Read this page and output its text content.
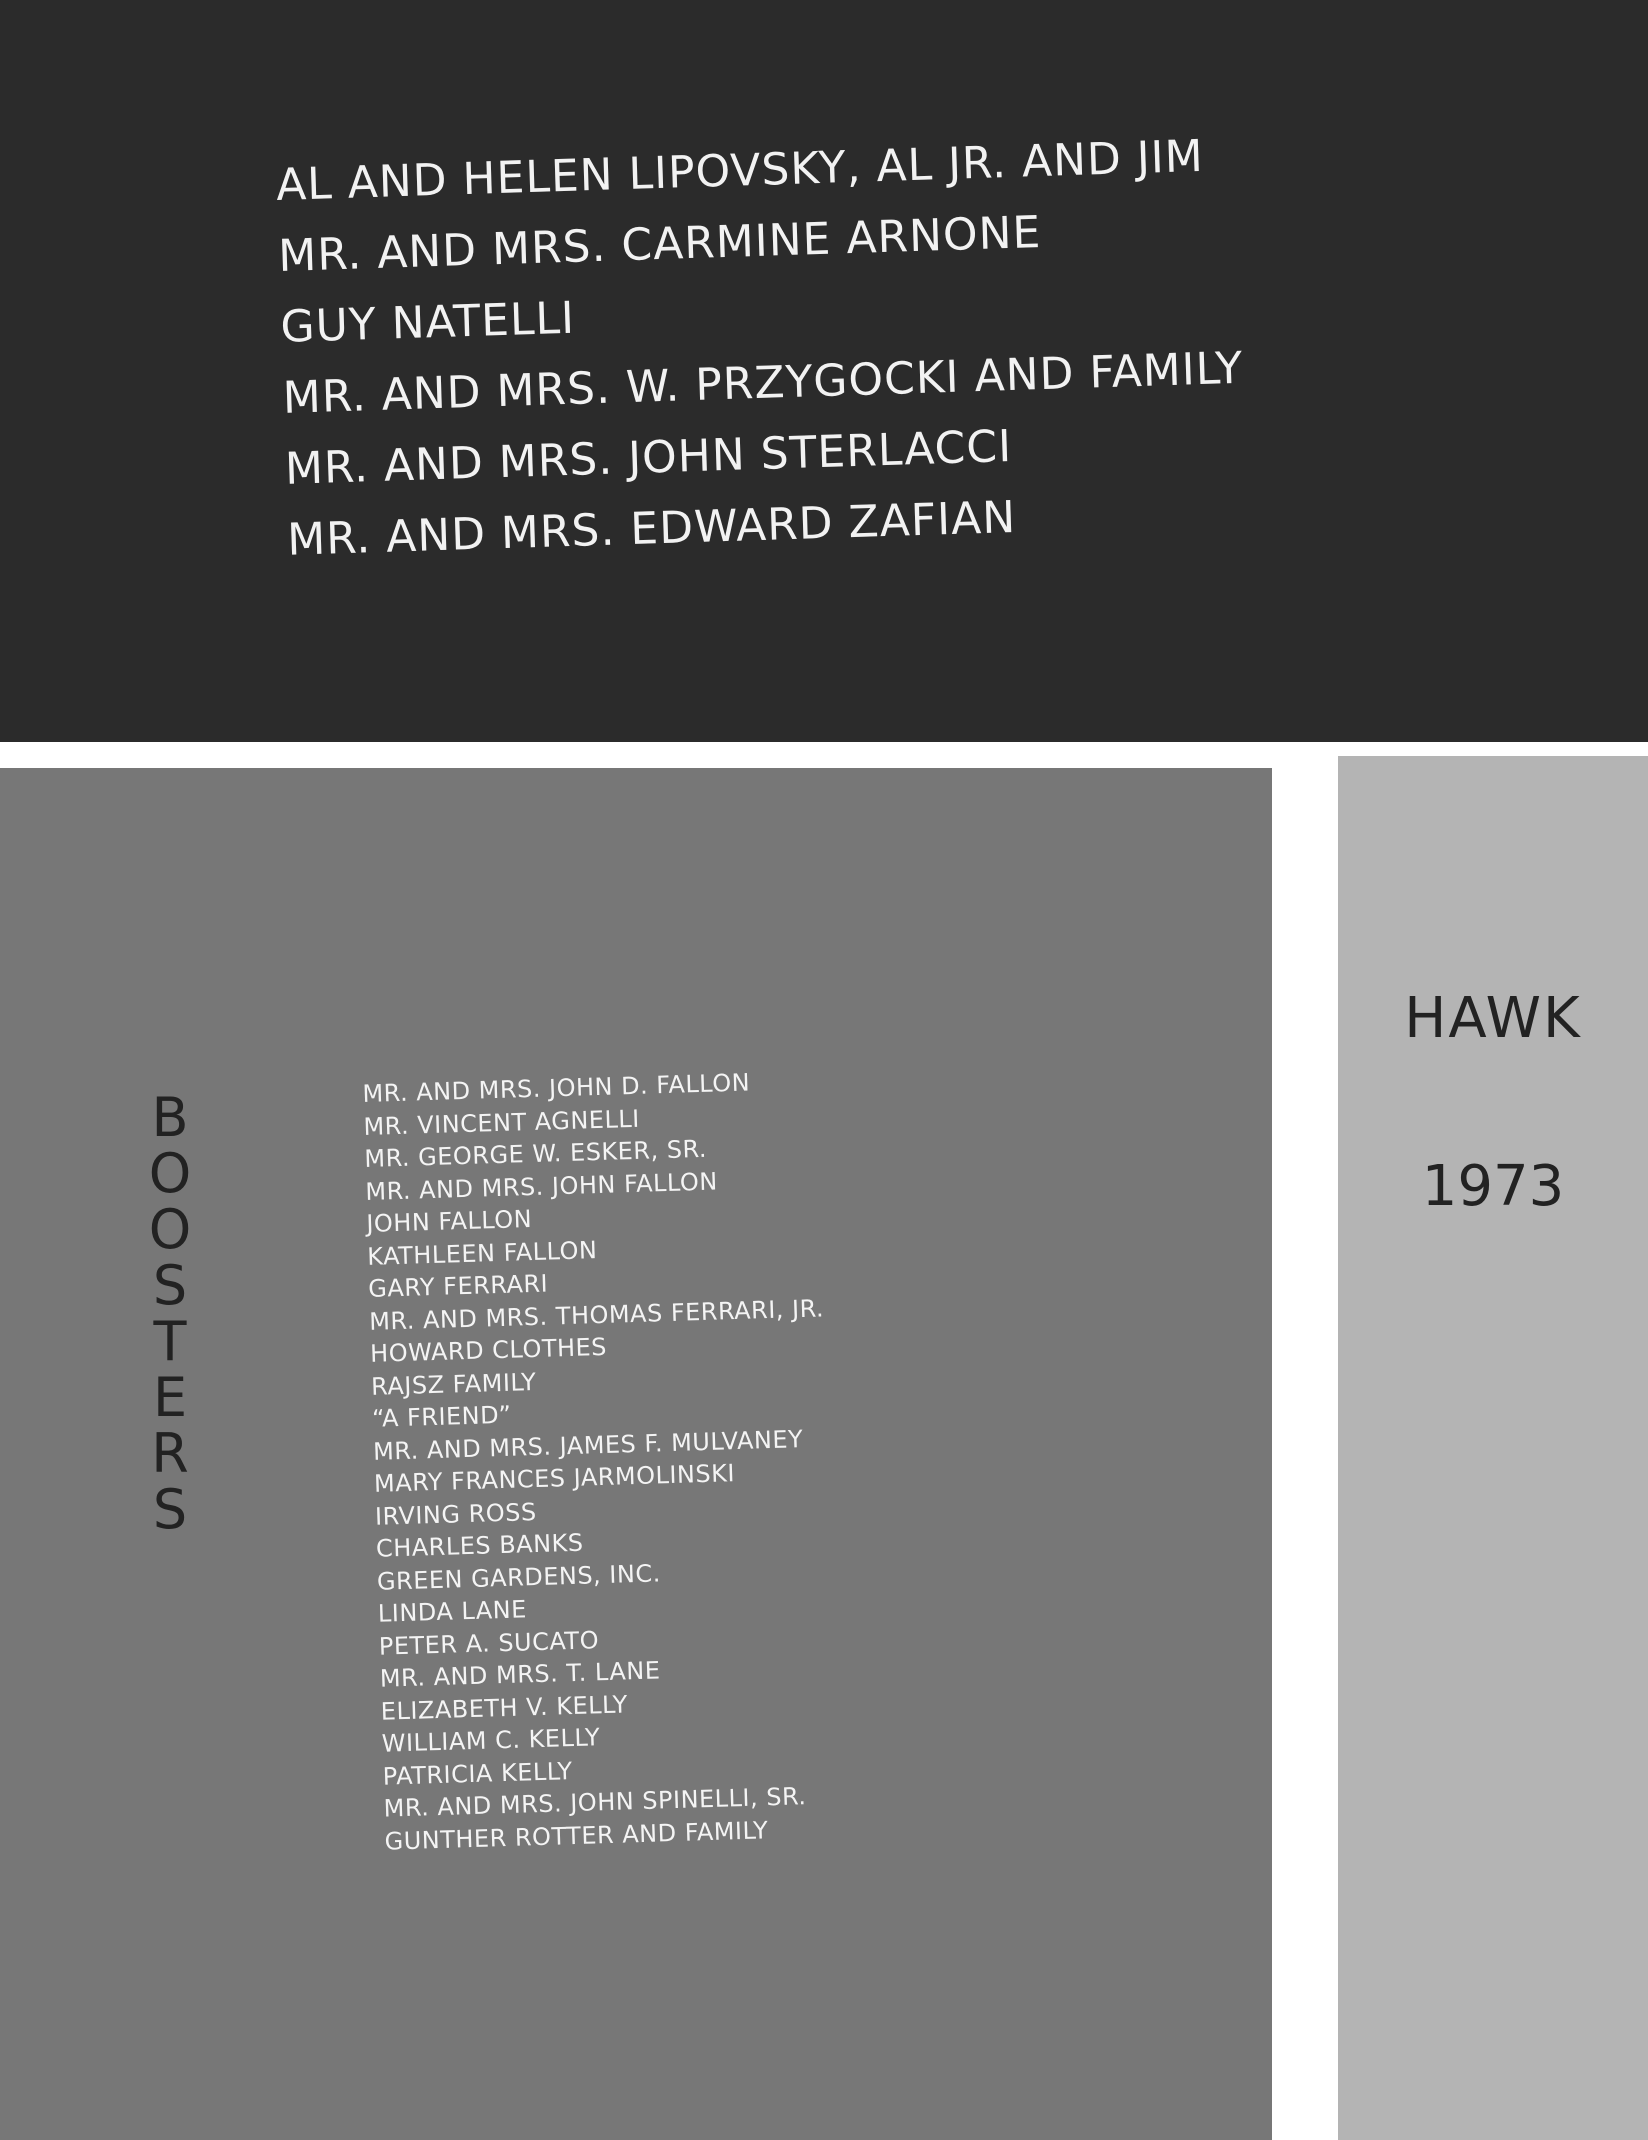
AL AND HELEN LIPOVSKY, AL JR. AND JIM
MR. AND MRS. CARMINE ARNONE
GUY NATELLI
MR. AND MRS. W. PRZYGOCKI AND FAMILY
MR. AND MRS. JOHN STERLACCI
MR. AND MRS. EDWARD ZAFIAN
MR. AND MRS. JOHN D. FALLON
MR. VINCENT AGNELLI
MR. GEORGE W. ESKER, SR.
MR. AND MRS. JOHN FALLON
JOHN FALLON
KATHLEEN FALLON
GARY FERRARI
MR. AND MRS. THOMAS FERRARI, JR.
HOWARD CLOTHES
RAJSZ FAMILY
“A FRIEND”
MR. AND MRS. JAMES F. MULVANEY
MARY FRANCES JARMOLINSKI
IRVING ROSS
CHARLES BANKS
GREEN GARDENS, INC.
LINDA LANE
PETER A. SUCATO
MR. AND MRS. T. LANE
ELIZABETH V. KELLY
WILLIAM C. KELLY
PATRICIA KELLY
MR. AND MRS. JOHN SPINELLI, SR.
GUNTHER ROTTER AND FAMILY
HAWK
1973
BOOSTERS
